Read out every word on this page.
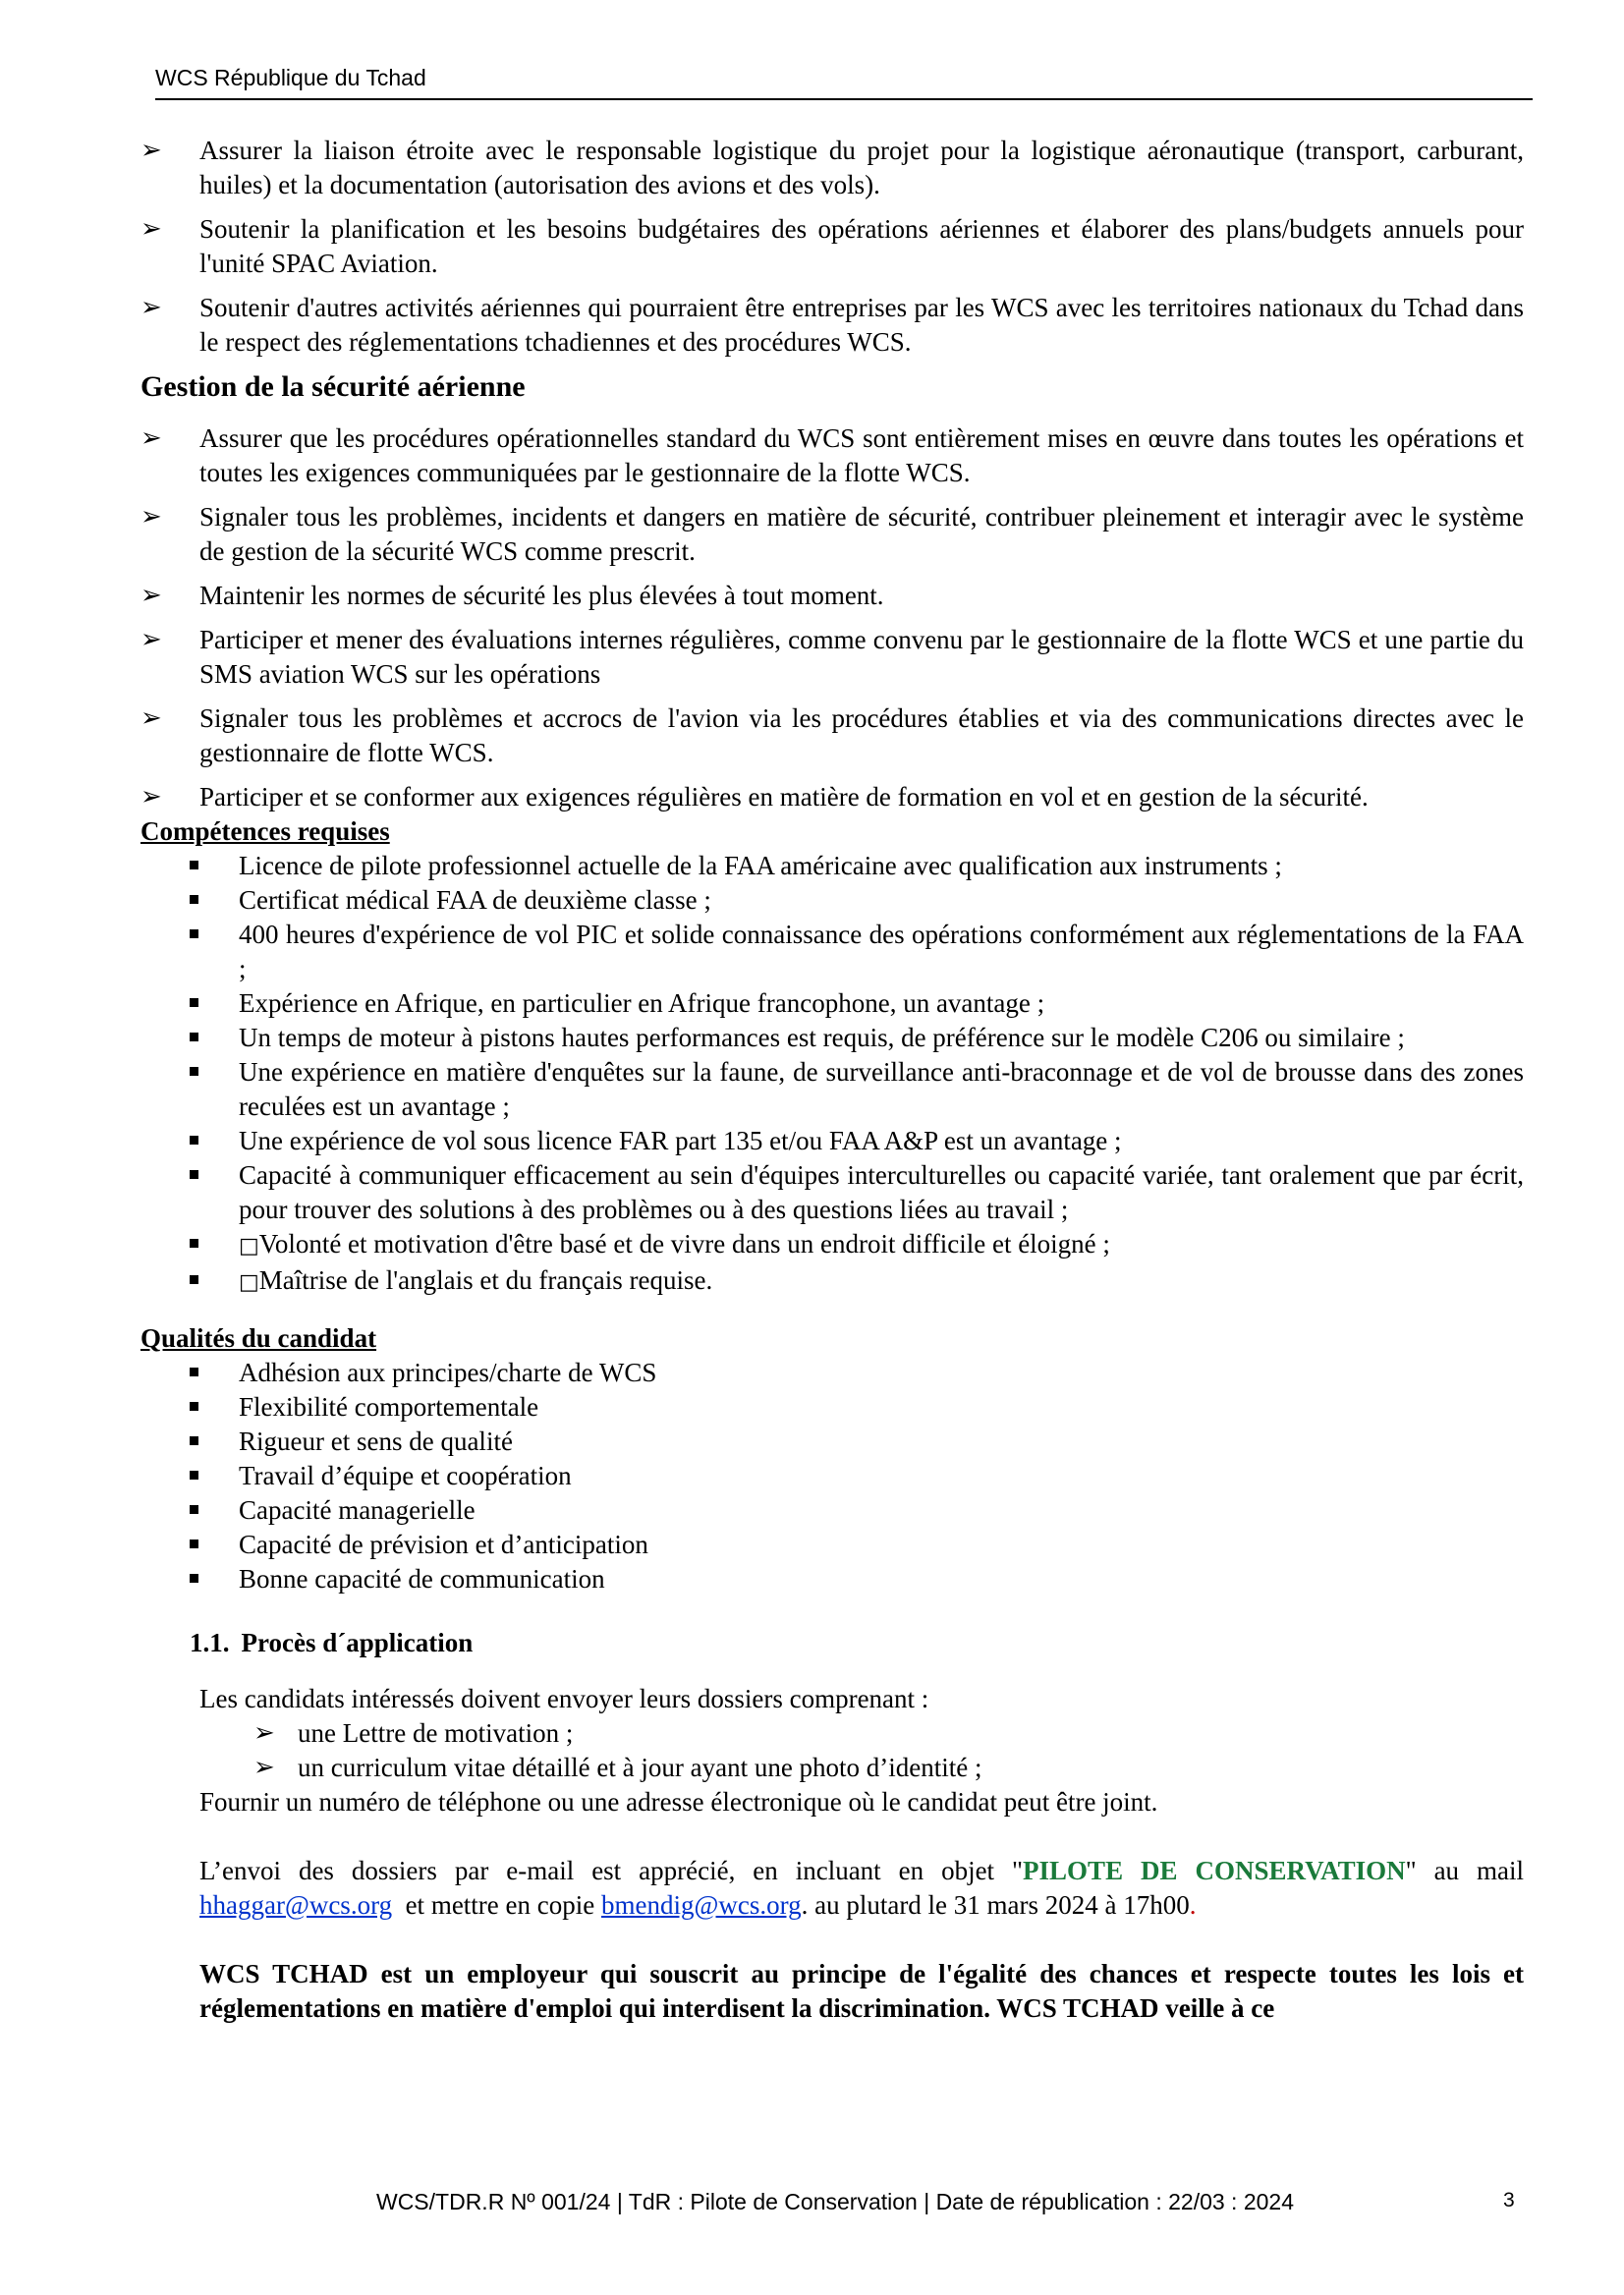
WCS République du Tchad
➢ Assurer la liaison étroite avec le responsable logistique du projet pour la logistique aéronautique (transport, carburant, huiles) et la documentation (autorisation des avions et des vols).
➢ Soutenir la planification et les besoins budgétaires des opérations aériennes et élaborer des plans/budgets annuels pour l'unité SPAC Aviation.
➢ Soutenir d'autres activités aériennes qui pourraient être entreprises par les WCS avec les territoires nationaux du Tchad dans le respect des réglementations tchadiennes et des procédures WCS.
Gestion de la sécurité aérienne
➢ Assurer que les procédures opérationnelles standard du WCS sont entièrement mises en œuvre dans toutes les opérations et toutes les exigences communiquées par le gestionnaire de la flotte WCS.
➢ Signaler tous les problèmes, incidents et dangers en matière de sécurité, contribuer pleinement et interagir avec le système de gestion de la sécurité WCS comme prescrit.
➢ Maintenir les normes de sécurité les plus élevées à tout moment.
➢ Participer et mener des évaluations internes régulières, comme convenu par le gestionnaire de la flotte WCS et une partie du SMS aviation WCS sur les opérations
➢ Signaler tous les problèmes et accrocs de l'avion via les procédures établies et via des communications directes avec le gestionnaire de flotte WCS.
➢ Participer et se conformer aux exigences régulières en matière de formation en vol et en gestion de la sécurité.
Compétences requises
Licence de pilote professionnel actuelle de la FAA américaine avec qualification aux instruments ;
Certificat médical FAA de deuxième classe ;
400 heures d'expérience de vol PIC et solide connaissance des opérations conformément aux réglementations de la FAA ;
Expérience en Afrique, en particulier en Afrique francophone, un avantage ;
Un temps de moteur à pistons hautes performances est requis, de préférence sur le modèle C206 ou similaire ;
Une expérience en matière d'enquêtes sur la faune, de surveillance anti-braconnage et de vol de brousse dans des zones reculées est un avantage ;
Une expérience de vol sous licence FAR part 135 et/ou FAA A&P est un avantage ;
Capacité à communiquer efficacement au sein d'équipes interculturelles ou capacité variée, tant oralement que par écrit, pour trouver des solutions à des problèmes ou à des questions liées au travail ;
□Volonté et motivation d'être basé et de vivre dans un endroit difficile et éloigné ;
□Maîtrise de l'anglais et du français requise.
Qualités du candidat
Adhésion aux principes/charte de WCS
Flexibilité comportementale
Rigueur et sens de qualité
Travail d’équipe et coopération
Capacité managerielle
Capacité de prévision et d’anticipation
Bonne capacité de communication
1.1. Procès d´application
Les candidats intéressés doivent envoyer leurs dossiers comprenant :
➢ une Lettre de motivation ;
➢ un curriculum vitae détaillé et à jour ayant une photo d’identité ;
Fournir un numéro de téléphone ou une adresse électronique où le candidat peut être joint.
L’envoi des dossiers par e-mail est apprécié, en incluant en objet "PILOTE DE CONSERVATION" au mail hhaggar@wcs.org  et mettre en copie bmendig@wcs.org. au plutard le 31 mars 2024 à 17h00.
WCS TCHAD est un employeur qui souscrit au principe de l'égalité des chances et respecte toutes les lois et réglementations en matière d'emploi qui interdisent la discrimination. WCS TCHAD veille à ce
WCS/TDR.R Nº 001/24 | TdR : Pilote de Conservation | Date de républication : 22/03 : 2024	3
